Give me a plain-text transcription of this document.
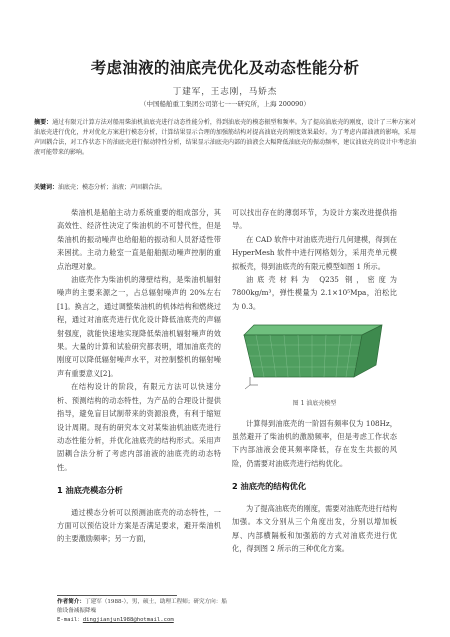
考虑油液的油底壳优化及动态性能分析
丁建军，王志刚，马娇杰
（中国船舶重工集团公司第七一一研究所，上海 200090）
摘要：通过有限元计算方法对船用柴油机油底壳进行动态性能分析，得到油底壳的模态振型和频率。为了提高油底壳的刚度，设计了三种方案对油底壳进行优化，并对优化方案进行模态分析，计算结果显示合理的加强筋结构对提高油底壳的刚度效果最好。为了考虑内部油液的影响，采用声固耦合法，对工作状态下的油底壳进行振动特性分析，结果显示油底壳内部的油液会大幅降低油底壳的振动频率，建议油底壳的设计中考虑油液可能带来的影响。
关键词：油底壳；模态分析；油液；声固耦合法。

柴油机是船舶主动力系统重要的组成部分，其高效性、经济性决定了柴油机的不可替代性，但是柴油机的振动噪声也给船舶的振动和人员舒适性带来困扰。主动力舱室一直是船舶振动噪声控制的重点治理对象。

油底壳作为柴油机的薄壁结构，是柴油机辐射噪声的主要来源之一，占总辐射噪声的 20%左右[1]。换言之，通过调整柴油机的机体结构和燃烧过程，通过对油底壳进行优化设计降低油底壳的声辐射强度，就能快速地实现降低柴油机辐射噪声的效果。大量的计算和试验研究都表明，增加油底壳的刚度可以降低辐射噪声水平，对控制整机的辐射噪声有重要意义[2]。

在结构设计的阶段，有限元方法可以快速分析、预测结构的动态特性，为产品的合理设计提供指导，避免盲目试制带来的资源浪费，有利于缩短设计周期。现有的研究本文对某柴油机油底壳进行动态性能分析，并优化油底壳的结构形式。采用声固耦合法分析了考虑内部油液的油底壳的动态特性。

1 油底壳模态分析

通过模态分析可以预测油底壳的动态特性，一方面可以预估设计方案是否满足要求，避开柴油机的主要激励频率；另一方面，

可以找出存在的薄弱环节，为设计方案改进提供指导。

在 CAD 软件中对油底壳进行几何建模，得到在 HyperMesh 软件中进行网格划分，采用壳单元模拟板壳，得到油底壳的有限元模型如图 1 所示。

油底壳材料为 Q235 钢，密度为 7800kg/m³，弹性模量为 2.1×10⁵Mpa，泊松比为 0.3。

图 1 油底壳模型

计算得到油底壳的一阶固有频率仅为 108Hz，虽然避开了柴油机的激励频率，但是考虑工作状态下内部油液会使其频率降低，存在发生共振的风险，仍需要对油底壳进行结构优化。

2 油底壳的结构优化

为了提高油底壳的刚度，需要对油底壳进行结构加强。本文分别从三个角度出发，分别以增加板厚、内部横隔板和加强筋的方式对油底壳进行优化，得到图 2 所示的三种优化方案。

作者简介：丁建军（1988-），男，硕士，助理工程师；研究方向：船舶设备减振降噪
E-mail：dingjianjun1988@hotmail.com
